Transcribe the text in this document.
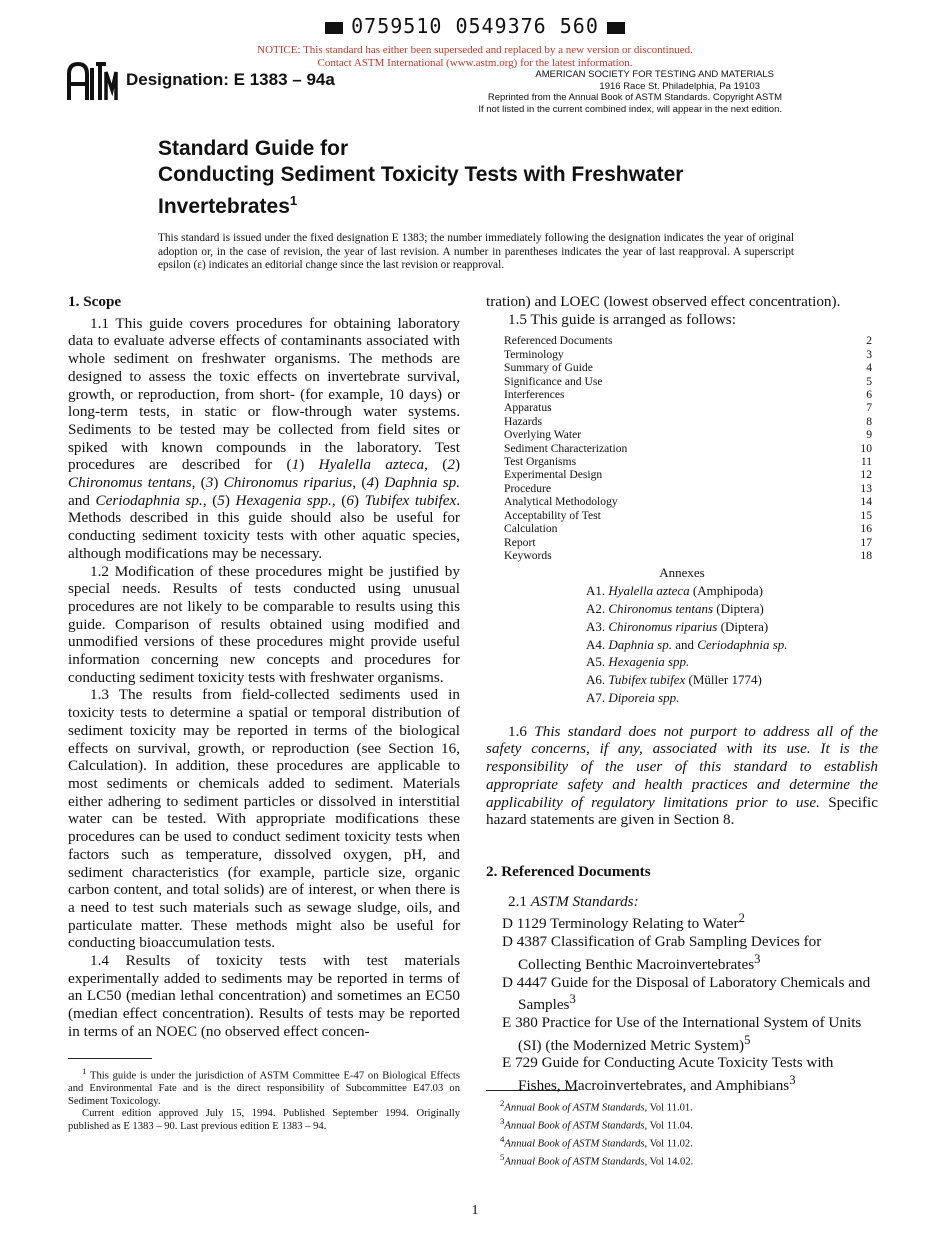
0759510 0549376 560
NOTICE: This standard has either been superseded and replaced by a new version or discontinued.
Contact ASTM International (www.astm.org) for the latest information.
Designation: E 1383 – 94a	AMERICAN SOCIETY FOR TESTING AND MATERIALS
1916 Race St. Philadelphia, Pa 19103
Reprinted from the Annual Book of ASTM Standards. Copyright ASTM
If not listed in the current combined index, will appear in the next edition.
Standard Guide for
Conducting Sediment Toxicity Tests with Freshwater
Invertebrates$^1$
This standard is issued under the fixed designation E 1383; the number immediately following the designation indicates the year of original adoption or, in the case of revision, the year of last revision. A number in parentheses indicates the year of last reapproval. A superscript epsilon (ε) indicates an editorial change since the last revision or reapproval.
1. Scope

1.1 This guide covers procedures for obtaining laboratory data to evaluate adverse effects of contaminants associated with whole sediment on freshwater organisms. The methods are designed to assess the toxic effects on invertebrate survival, growth, or reproduction, from short- (for example, 10 days) or long-term tests, in static or flow-through water systems. Sediments to be tested may be collected from field sites or spiked with known compounds in the laboratory. Test procedures are described for (1) Hyalella azteca, (2) Chironomus tentans, (3) Chironomus riparius, (4) Daphnia sp. and Ceriodaphnia sp., (5) Hexagenia spp., (6) Tubifex tubifex. Methods described in this guide should also be useful for conducting sediment toxicity tests with other aquatic species, although modifications may be necessary.

1.2 Modification of these procedures might be justified by special needs. Results of tests conducted using unusual procedures are not likely to be comparable to results using this guide. Comparison of results obtained using modified and unmodified versions of these procedures might provide useful information concerning new concepts and procedures for conducting sediment toxicity tests with freshwater organisms.

1.3 The results from field-collected sediments used in toxicity tests to determine a spatial or temporal distribution of sediment toxicity may be reported in terms of the biological effects on survival, growth, or reproduction (see Section 16, Calculation). In addition, these procedures are applicable to most sediments or chemicals added to sediment. Materials either adhering to sediment particles or dissolved in interstitial water can be tested. With appropriate modifications these procedures can be used to conduct sediment toxicity tests when factors such as temperature, dissolved oxygen, pH, and sediment characteristics (for example, particle size, organic carbon content, and total solids) are of interest, or when there is a need to test such materials such as sewage sludge, oils, and particulate matter. These methods might also be useful for conducting bioaccumulation tests.

1.4 Results of toxicity tests with test materials experimentally added to sediments may be reported in terms of an LC50 (median lethal concentration) and sometimes an EC50 (median effect concentration). Results of tests may be reported in terms of an NOEC (no observed effect concen-

tration) and LOEC (lowest observed effect concentration).

1.5 This guide is arranged as follows:

Referenced Documents	2
Terminology	3
Summary of Guide	4
Significance and Use	5
Interferences	6
Apparatus	7
Hazards	8
Overlying Water	9
Sediment Characterization	10
Test Organisms	11
Experimental Design	12
Procedure	13
Analytical Methodology	14
Acceptability of Test	15
Calculation	16
Report	17
Keywords	18
Annexes
A1. Hyalella azteca (Amphipoda)
A2. Chironomus tentans (Diptera)
A3. Chironomus riparius (Diptera)
A4. Daphnia sp. and Ceriodaphnia sp.
A5. Hexagenia spp.
A6. Tubifex tubifex (Müller 1774)
A7. Diporeia spp.

1.6 This standard does not purport to address all of the safety concerns, if any, associated with its use. It is the responsibility of the user of this standard to establish appropriate safety and health practices and determine the applicability of regulatory limitations prior to use. Specific hazard statements are given in Section 8.

2. Referenced Documents

2.1 ASTM Standards:

D 1129 Terminology Relating to Water$^2$

D 4387 Classification of Grab Sampling Devices for Collecting Benthic Macroinvertebrates$^3$

D 4447 Guide for the Disposal of Laboratory Chemicals and Samples$^3$

E 380 Practice for Use of the International System of Units (SI) (the Modernized Metric System)$^5$

E 729 Guide for Conducting Acute Toxicity Tests with Fishes, Macroinvertebrates, and Amphibians$^3$

$^1$ This guide is under the jurisdiction of ASTM Committee E-47 on Biological Effects and Environmental Fate and is the direct responsibility of Subcommittee E47.03 on Sediment Toxicology.
Current edition approved July 15, 1994. Published September 1994. Originally published as E 1383 – 90. Last previous edition E 1383 – 94.
$^2$Annual Book of ASTM Standards, Vol 11.01.
$^3$Annual Book of ASTM Standards, Vol 11.04.
$^4$Annual Book of ASTM Standards, Vol 11.02.
$^5$Annual Book of ASTM Standards, Vol 14.02.
1
